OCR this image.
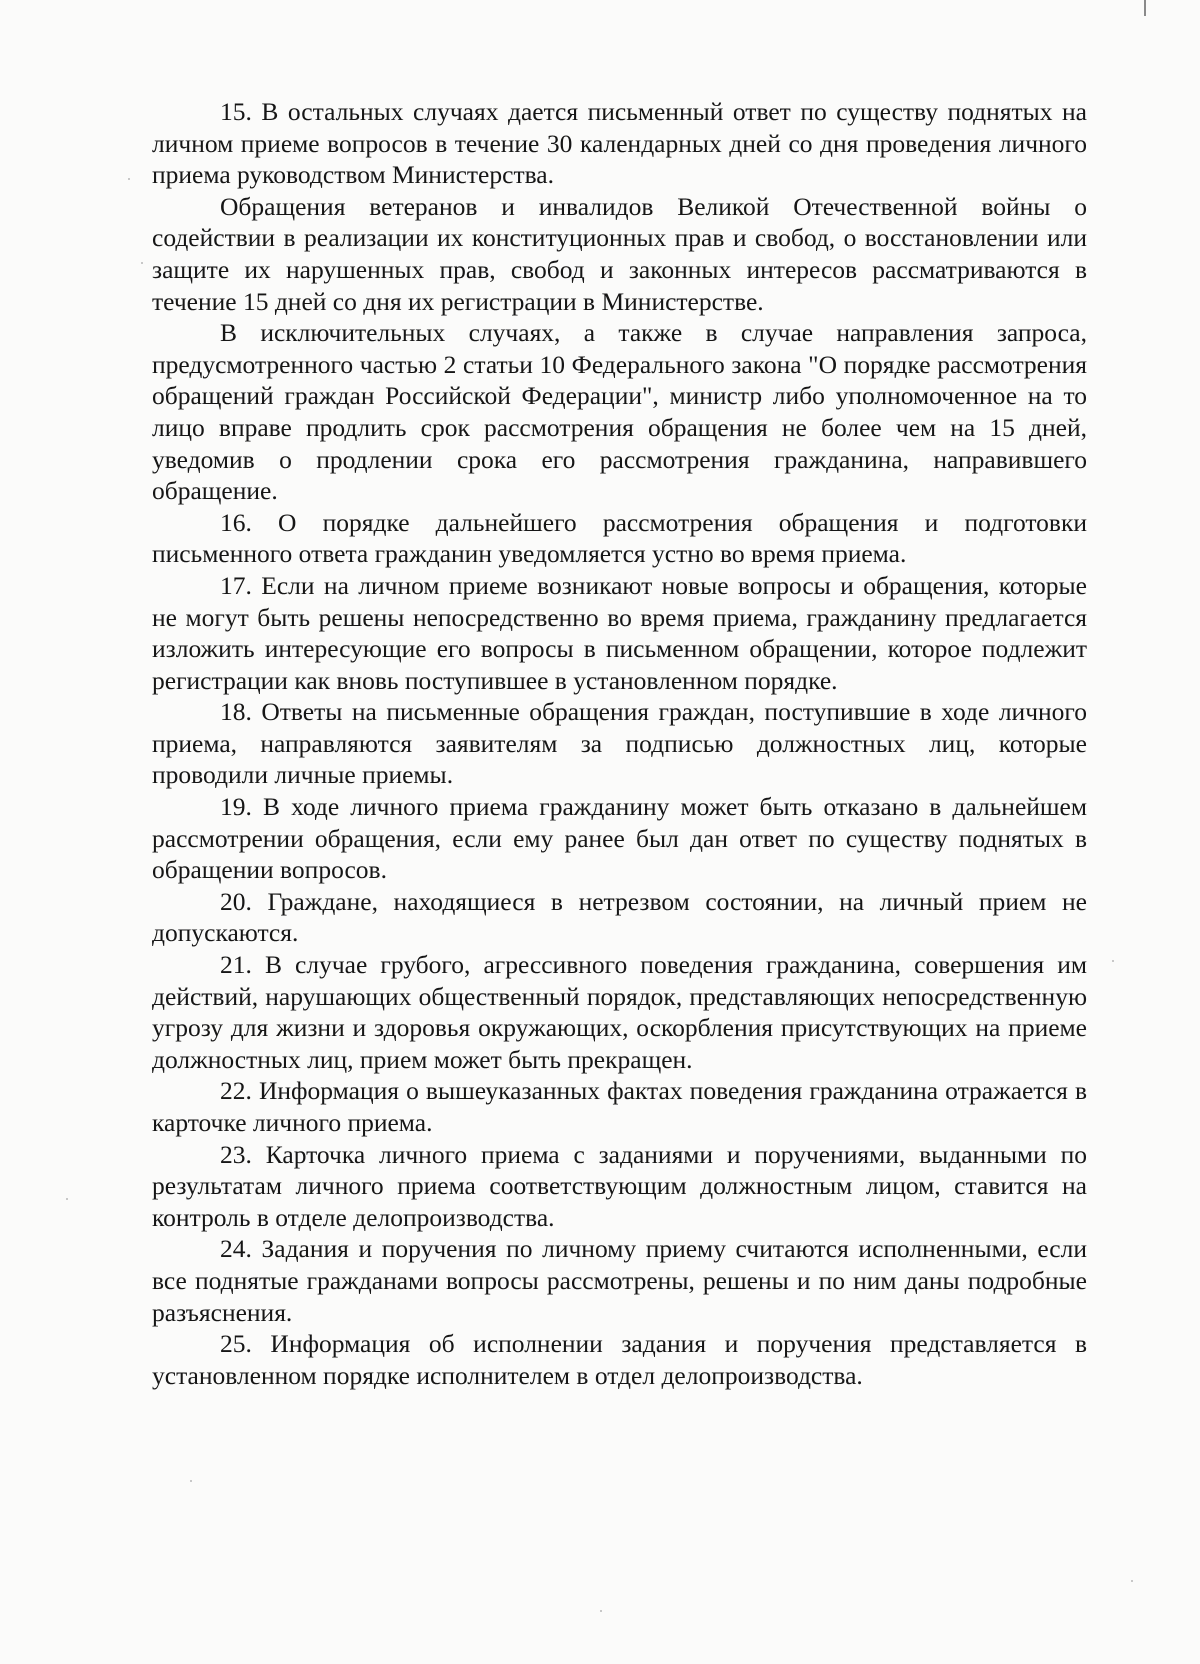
15. В остальных случаях дается письменный ответ по существу поднятых на личном приеме вопросов в течение 30 календарных дней со дня проведения личного приема руководством Министерства.

Обращения ветеранов и инвалидов Великой Отечественной войны о содействии в реализации их конституционных прав и свобод, о восстановлении или защите их нарушенных прав, свобод и законных интересов рассматриваются в течение 15 дней со дня их регистрации в Министерстве.

В исключительных случаях, а также в случае направления запроса, предусмотренного частью 2 статьи 10 Федерального закона "О порядке рассмотрения обращений граждан Российской Федерации", министр либо уполномоченное на то лицо вправе продлить срок рассмотрения обращения не более чем на 15 дней, уведомив о продлении срока его рассмотрения гражданина, направившего обращение.

16. О порядке дальнейшего рассмотрения обращения и подготовки письменного ответа гражданин уведомляется устно во время приема.

17. Если на личном приеме возникают новые вопросы и обращения, которые не могут быть решены непосредственно во время приема, гражданину предлагается изложить интересующие его вопросы в письменном обращении, которое подлежит регистрации как вновь поступившее в установленном порядке.

18. Ответы на письменные обращения граждан, поступившие в ходе личного приема, направляются заявителям за подписью должностных лиц, которые проводили личные приемы.

19. В ходе личного приема гражданину может быть отказано в дальнейшем рассмотрении обращения, если ему ранее был дан ответ по существу поднятых в обращении вопросов.

20. Граждане, находящиеся в нетрезвом состоянии, на личный прием не допускаются.

21. В случае грубого, агрессивного поведения гражданина, совершения им действий, нарушающих общественный порядок, представляющих непосредственную угрозу для жизни и здоровья окружающих, оскорбления присутствующих на приеме должностных лиц, прием может быть прекращен.

22. Информация о вышеуказанных фактах поведения гражданина отражается в карточке личного приема.

23. Карточка личного приема с заданиями и поручениями, выданными по результатам личного приема соответствующим должностным лицом, ставится на контроль в отделе делопроизводства.

24. Задания и поручения по личному приему считаются исполненными, если все поднятые гражданами вопросы рассмотрены, решены и по ним даны подробные разъяснения.

25. Информация об исполнении задания и поручения представляется в установленном порядке исполнителем в отдел делопроизводства.
